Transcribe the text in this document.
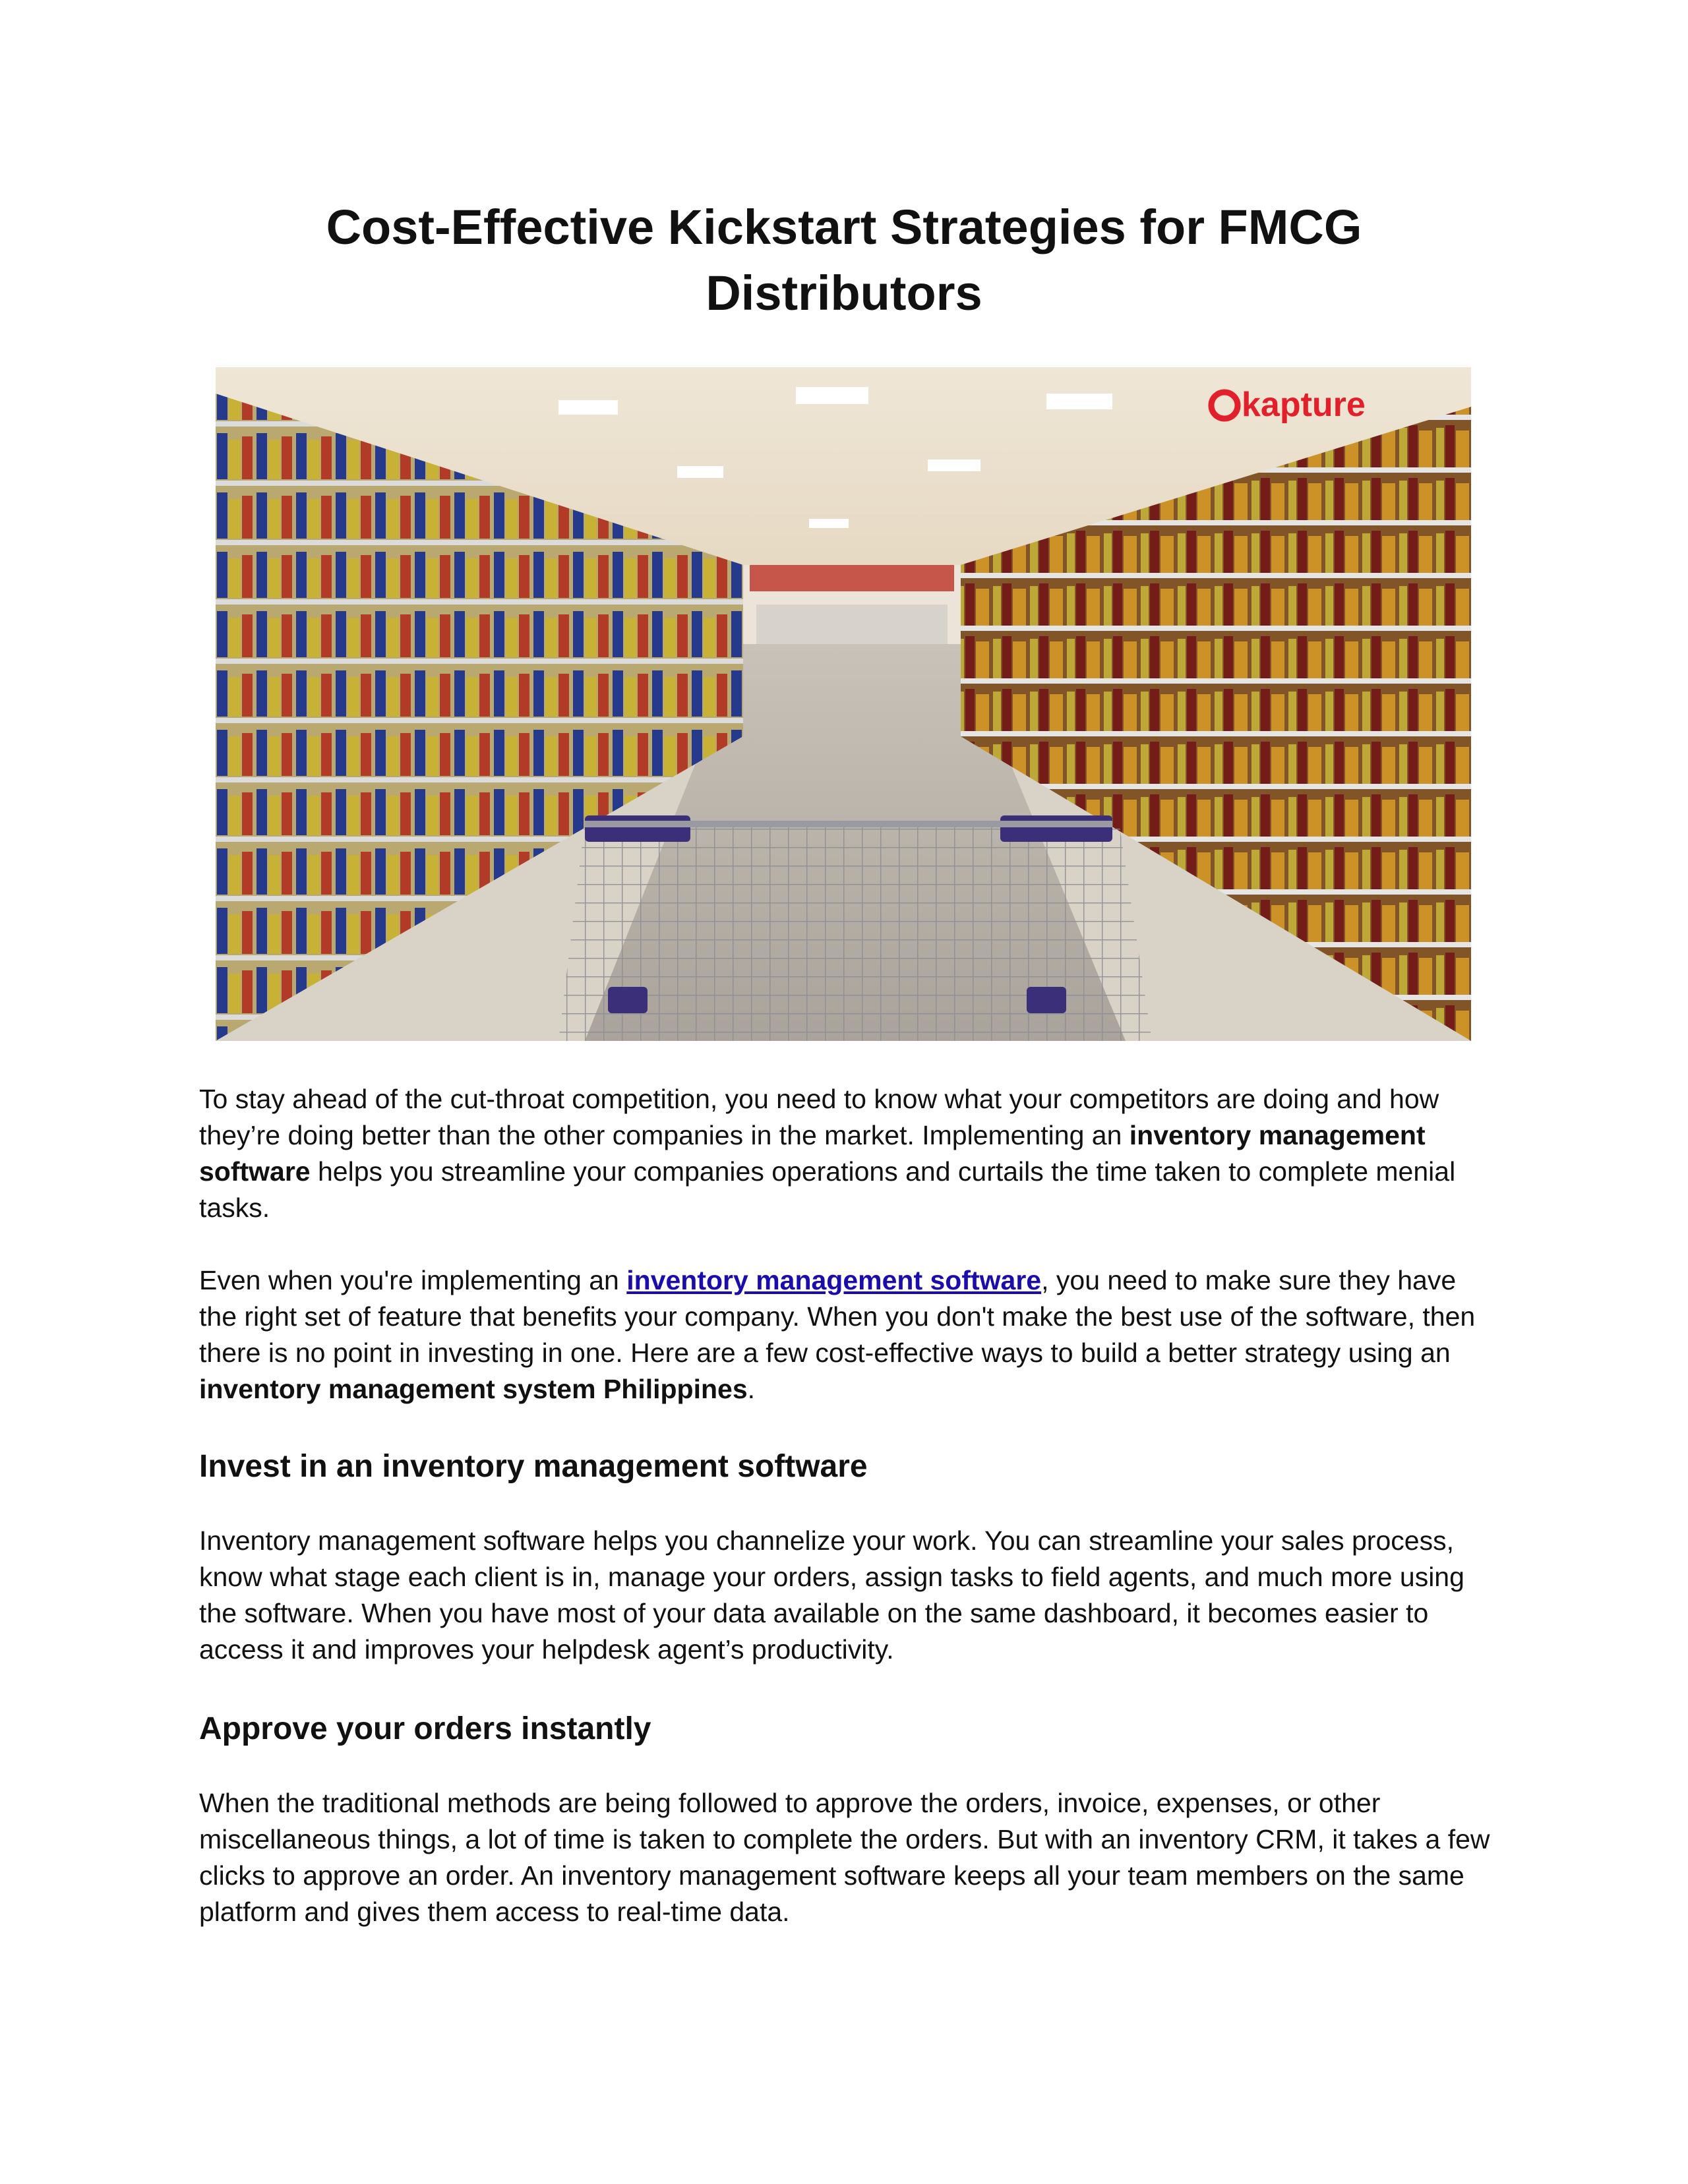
Cost-Effective Kickstart Strategies for FMCG Distributors
kapture

To stay ahead of the cut-throat competition, you need to know what your competitors are doing and how they’re doing better than the other companies in the market. Implementing an inventory management software helps you streamline your companies operations and curtails the time taken to complete menial tasks.

Even when you're implementing an inventory management software, you need to make sure they have the right set of feature that benefits your company. When you don't make the best use of the software, then there is no point in investing in one. Here are a few cost-effective ways to build a better strategy using an inventory management system Philippines.

Invest in an inventory management software

Inventory management software helps you channelize your work. You can streamline your sales process, know what stage each client is in, manage your orders, assign tasks to field agents, and much more using the software. When you have most of your data available on the same dashboard, it becomes easier to access it and improves your helpdesk agent’s productivity.

Approve your orders instantly

When the traditional methods are being followed to approve the orders, invoice, expenses, or other miscellaneous things, a lot of time is taken to complete the orders. But with an inventory CRM, it takes a few clicks to approve an order. An inventory management software keeps all your team members on the same platform and gives them access to real-time data.
